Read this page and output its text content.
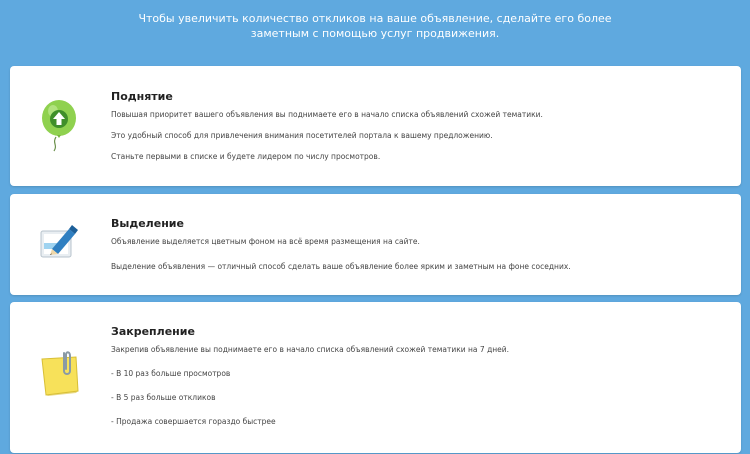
Чтобы увеличить количество откликов на ваше объявление, сделайте его более
заметным с помощью услуг продвижения.

Поднятие

Повышая приоритет вашего объявления вы поднимаете его в начало списка объявлений схожей тематики.

Это удобный способ для привлечения внимания посетителей портала к вашему предложению.

Станьте первыми в списке и будете лидером по числу просмотров.

Выделение

Объявление выделяется цветным фоном на всё время размещения на сайте.

Выделение объявления — отличный способ сделать ваше объявление более ярким и заметным на фоне соседних.

Закрепление

Закрепив объявление вы поднимаете его в начало списка объявлений схожей тематики на 7 дней.

- В 10 раз больше просмотров

- В 5 раз больше откликов

- Продажа совершается гораздо быстрее
